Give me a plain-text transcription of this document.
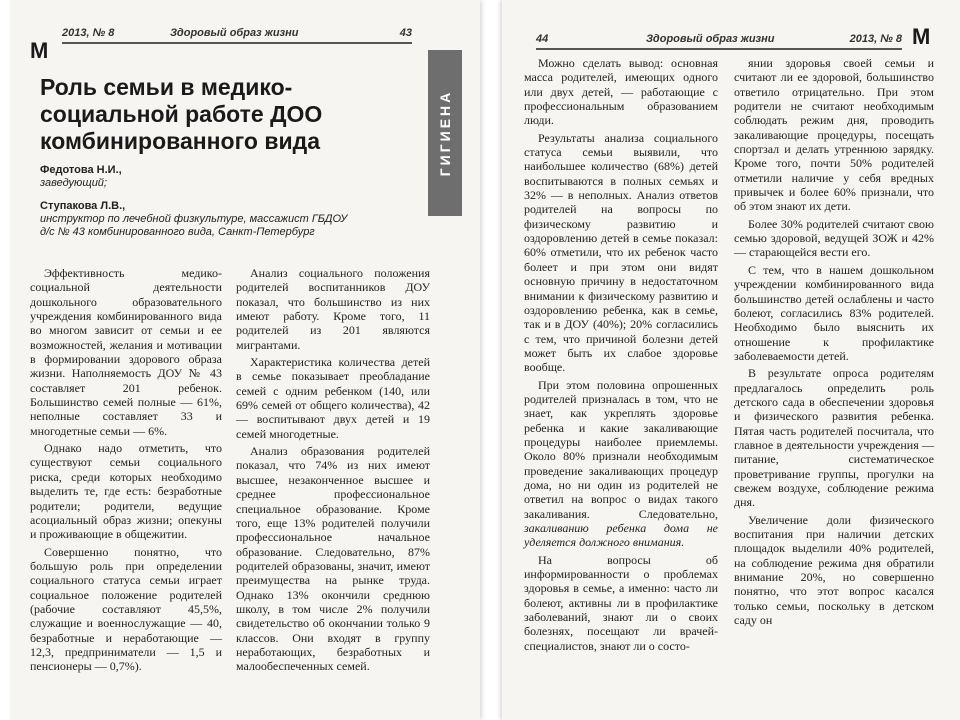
M
2013, № 8	Здоровый образ жизни	43
Роль семьи в медико-социальной работе ДОО комбинированного вида	ГИГИЕНА
Федотова Н.И.,
заведующий;
Ступакова Л.В.,
инструктор по лечебной физкультуре, массажист ГБДОУ
д/с № 43 комбинированного вида, Санкт-Петербург

Эффективность медико-социальной деятельности дошкольного образовательного учреждения комбинированного вида во многом зависит от семьи и ее возможностей, желания и мотивации в формировании здорового образа жизни. Наполняемость ДОУ № 43 составляет 201 ребенок. Большинство семей полные — 61%, неполные составляет 33 и многодетные семьи — 6%.

Однако надо отметить, что существуют семьи социального риска, среди которых необходимо выделить те, где есть: безработные родители; родители, ведущие асоциальный образ жизни; опекуны и проживающие в общежитии.

Совершенно понятно, что большую роль при определении социального статуса семьи играет социальное положение родителей (рабочие составляют 45,5%, служащие и военнослужащие — 40, безработные и неработающие — 12,3, предприниматели — 1,5 и пенсионеры — 0,7%).

Анализ социального положения родителей воспитанников ДОУ показал, что большинство из них имеют работу. Кроме того, 11 родителей из 201 являются мигрантами.

Характеристика количества детей в семье показывает преобладание семей с одним ребенком (140, или 69% семей от общего количества), 42 — воспитывают двух детей и 19 семей многодетные.

Анализ образования родителей показал, что 74% из них имеют высшее, незаконченное высшее и среднее профессиональное специальное образование. Кроме того, еще 13% родителей получили профессиональное начальное образование. Следовательно, 87% родителей образованы, значит, имеют преимущества на рынке труда. Однако 13% окончили среднюю школу, в том числе 2% получили свидетельство об окончании только 9 классов. Они входят в группу неработающих, безработных и малообеспеченных семей.

44	Здоровый образ жизни	2013, № 8 M

Можно сделать вывод: основная масса родителей, имеющих одного или двух детей, — работающие с профессиональным образованием люди.

Результаты анализа социального статуса семьи выявили, что наибольшее количество (68%) детей воспитываются в полных семьях и 32% — в неполных. Анализ ответов родителей на вопросы по физическому развитию и оздоровлению детей в семье показал: 60% отметили, что их ребенок часто болеет и при этом они видят основную причину в недостаточном внимании к физическому развитию и оздоровлению ребенка, как в семье, так и в ДОУ (40%); 20% согласились с тем, что причиной болезни детей может быть их слабое здоровье вообще.

При этом половина опрошенных родителей призналась в том, что не знает, как укреплять здоровье ребенка и какие закаливающие процедуры наиболее приемлемы. Около 80% признали необходимым проведение закаливающих процедур дома, но ни один из родителей не ответил на вопрос о видах такого закаливания. Следовательно, закаливанию ребенка дома не уделяется должного внимания.

На вопросы об информированности о проблемах здоровья в семье, а именно: часто ли болеют, активны ли в профилактике заболеваний, знают ли о своих болезнях, посещают ли врачей-специалистов, знают ли о состо-

янии здоровья своей семьи и считают ли ее здоровой, большинство ответило отрицательно. При этом родители не считают необходимым соблюдать режим дня, проводить закаливающие процедуры, посещать спортзал и делать утреннюю зарядку. Кроме того, почти 50% родителей отметили наличие у себя вредных привычек и более 60% признали, что об этом знают их дети.

Более 30% родителей считают свою семью здоровой, ведущей ЗОЖ и 42% — старающейся вести его.

С тем, что в нашем дошкольном учреждении комбинированного вида большинство детей ослаблены и часто болеют, согласились 83% родителей. Необходимо было выяснить их отношение к профилактике заболеваемости детей.

В результате опроса родителям предлагалось определить роль детского сада в обеспечении здоровья и физического развития ребенка. Пятая часть родителей посчитала, что главное в деятельности учреждения — питание, систематическое проветривание группы, прогулки на свежем воздухе, соблюдение режима дня.

Увеличение доли физического воспитания при наличии детских площадок выделили 40% родителей, на соблюдение режима дня обратили внимание 20%, но совершенно понятно, что этот вопрос касался только семьи, поскольку в детском саду он
